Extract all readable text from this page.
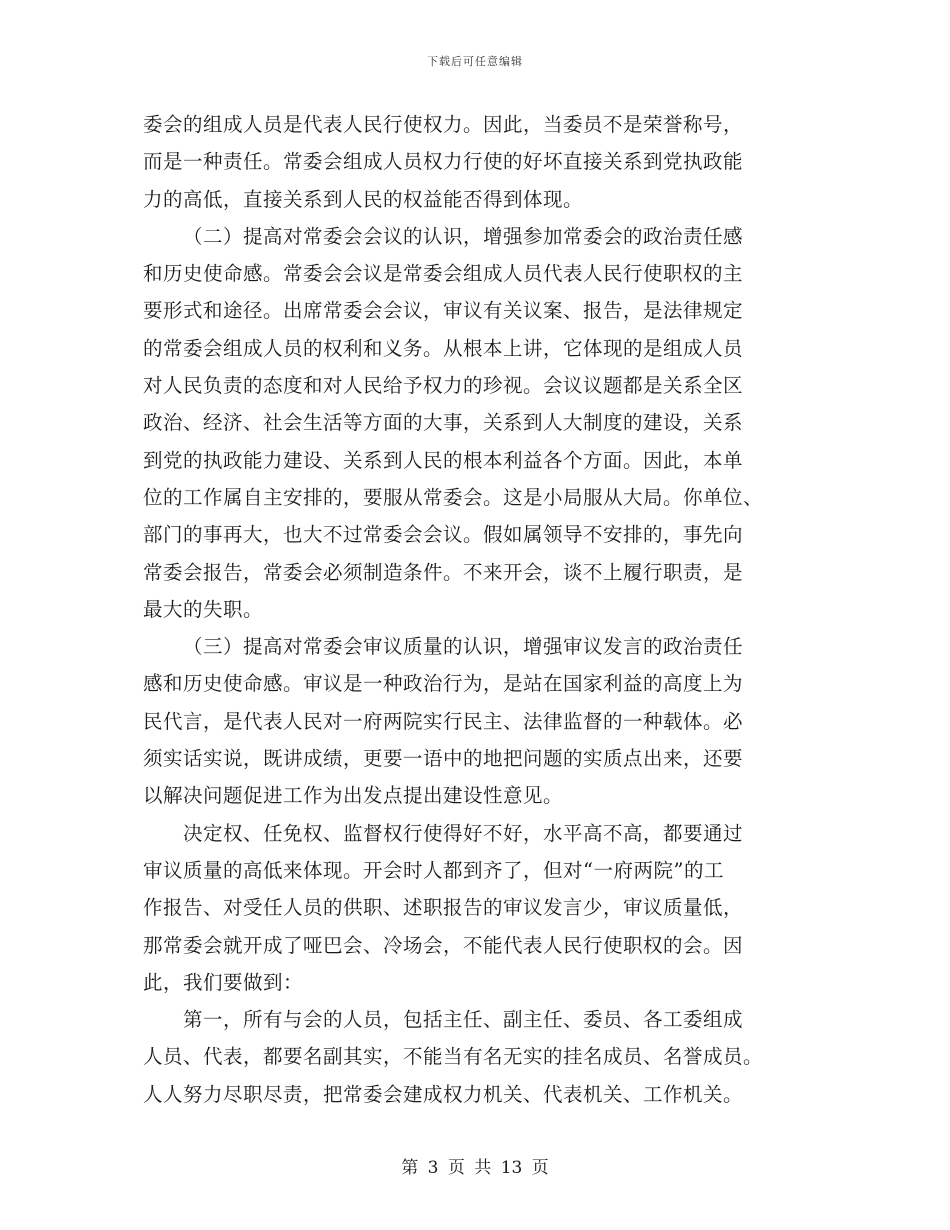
下载后可任意编辑
委会的组成人员是代表人民行使权力。因此，当委员不是荣誉称号，
而是一种责任。常委会组成人员权力行使的好坏直接关系到党执政能
力的高低，直接关系到人民的权益能否得到体现。
（二）提高对常委会会议的认识，增强参加常委会的政治责任感
和历史使命感。常委会会议是常委会组成人员代表人民行使职权的主
要形式和途径。出席常委会会议，审议有关议案、报告，是法律规定
的常委会组成人员的权利和义务。从根本上讲，它体现的是组成人员
对人民负责的态度和对人民给予权力的珍视。会议议题都是关系全区
政治、经济、社会生活等方面的大事，关系到人大制度的建设，关系
到党的执政能力建设、关系到人民的根本利益各个方面。因此，本单
位的工作属自主安排的，要服从常委会。这是小局服从大局。你单位、
部门的事再大，也大不过常委会会议。假如属领导不安排的，事先向
常委会报告，常委会必须制造条件。不来开会，谈不上履行职责，是
最大的失职。
（三）提高对常委会审议质量的认识，增强审议发言的政治责任
感和历史使命感。审议是一种政治行为，是站在国家利益的高度上为
民代言，是代表人民对一府两院实行民主、法律监督的一种载体。必
须实话实说，既讲成绩，更要一语中的地把问题的实质点出来，还要
以解决问题促进工作为出发点提出建设性意见。
决定权、任免权、监督权行使得好不好，水平高不高，都要通过
审议质量的高低来体现。开会时人都到齐了，但对“一府两院”的工
作报告、对受任人员的供职、述职报告的审议发言少，审议质量低，
那常委会就开成了哑巴会、冷场会，不能代表人民行使职权的会。因
此，我们要做到：
第一，所有与会的人员，包括主任、副主任、委员、各工委组成
人员、代表，都要名副其实，不能当有名无实的挂名成员、名誉成员。
人人努力尽职尽责，把常委会建成权力机关、代表机关、工作机关。
第 3 页 共 13 页
